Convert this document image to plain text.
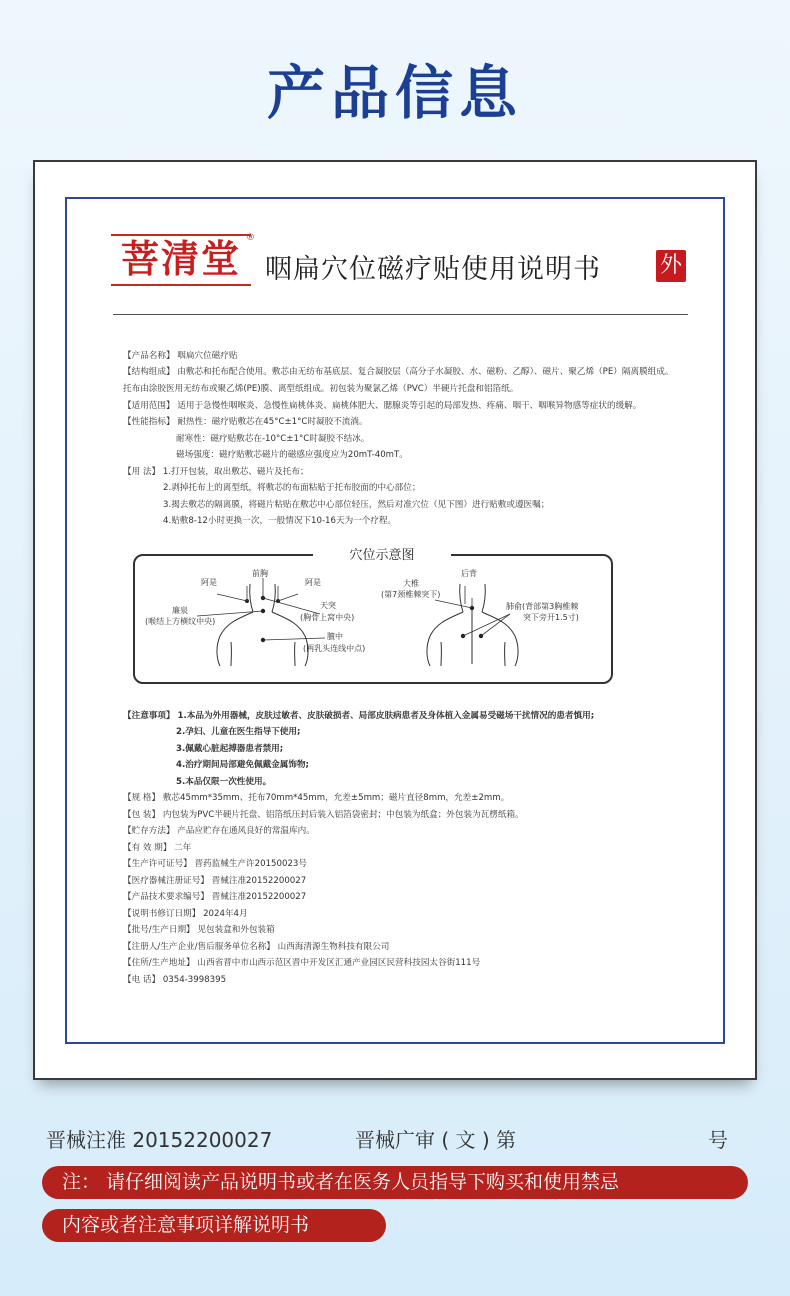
产品信息
菩清堂 ®
咽扁穴位磁疗贴使用说明书	外
【产品名称】 咽扁穴位磁疗贴
【结构组成】 由敷芯和托布配合使用。敷芯由无纺布基底层、复合凝胶层（高分子水凝胶、水、磁粉、乙醇）、磁片、聚乙烯（PE）隔离膜组成。
托布由涂胶医用无纺布或聚乙烯(PE)膜、离型纸组成。初包装为聚氯乙烯（PVC）半硬片托盘和铝箔纸。
【适用范围】 适用于急慢性咽喉炎、急慢性扁桃体炎、扁桃体肥大、腮腺炎等引起的局部发热、疼痛、咽干、咽喉异物感等症状的缓解。
【性能指标】 耐热性：磁疗贴敷芯在45°C±1°C时凝胶不流淌。
耐寒性：磁疗贴敷芯在-10°C±1°C时凝胶不结冰。
磁场强度：磁疗贴敷芯磁片的磁感应强度应为20mT-40mT。
【用 法】 1.打开包装，取出敷芯、磁片及托布；
2.剥掉托布上的离型纸，将敷芯的布面粘贴于托布胶面的中心部位；
3.揭去敷芯的隔离膜，将磁片粘贴在敷芯中心部位轻压，然后对准穴位（见下图）进行贴敷或遵医嘱；
4.贴敷8-12小时更换一次，一般情况下10-16天为一个疗程。
穴位示意图
前胸	后背
阿是	阿是
廉泉
(喉结上方横纹中央)
天突
(胸骨上窝中央)
膻中
(两乳头连线中点)
大椎
(第7颈椎棘突下)
肺俞(背部第3胸椎棘
突下旁开1.5寸)
【注意事项】 1.本品为外用器械，皮肤过敏者、皮肤破损者、局部皮肤病患者及身体植入金属易受磁场干扰情况的患者慎用;
2.孕妇、儿童在医生指导下使用;
3.佩戴心脏起搏器患者禁用;
4.治疗期间局部避免佩戴金属饰物;
5.本品仅限一次性使用。
【规 格】 敷芯45mm*35mm、托布70mm*45mm，允差±5mm；磁片直径8mm，允差±2mm。
【包 装】 内包装为PVC半硬片托盘、铝箔纸压封后装入铝箔袋密封；中包装为纸盒；外包装为瓦楞纸箱。
【贮存方法】 产品应贮存在通风良好的常温库内。
【有 效 期】 二年
【生产许可证号】 晋药监械生产许20150023号
【医疗器械注册证号】 晋械注准20152200027
【产品技术要求编号】 晋械注准20152200027
【说明书修订日期】 2024年4月
【批号/生产日期】 见包装盒和外包装箱
【注册人/生产企业/售后服务单位名称】 山西海清源生物科技有限公司
【住所/生产地址】 山西省晋中市山西示范区晋中开发区汇通产业园区民营科技园太谷街111号
【电 话】 0354-3998395
晋械注准 20152200027	晋械广审 ( 文 ) 第	号
注： 请仔细阅读产品说明书或者在医务人员指导下购买和使用禁忌
内容或者注意事项详解说明书
